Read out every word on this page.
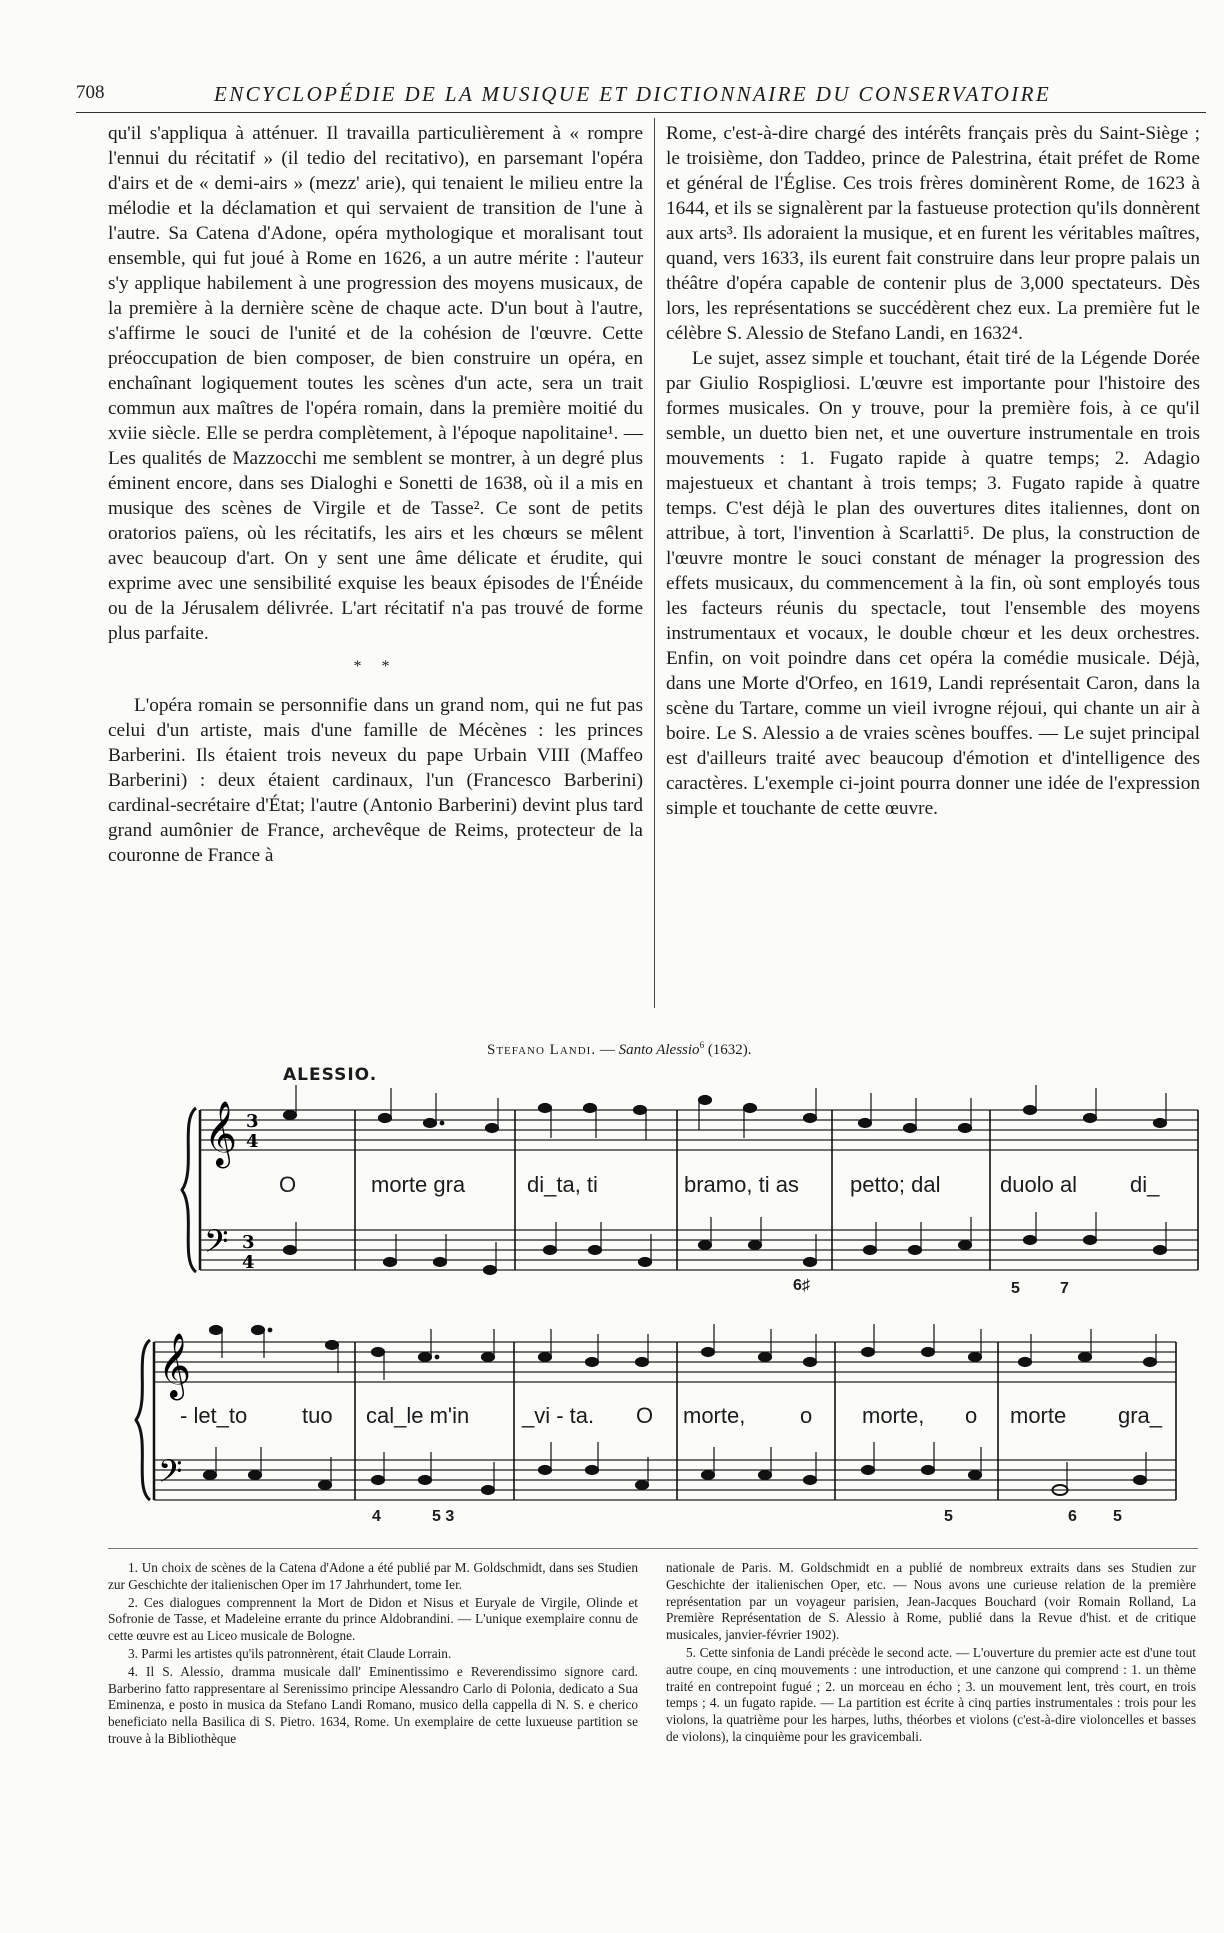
708	ENCYCLOPÉDIE DE LA MUSIQUE ET DICTIONNAIRE DU CONSERVATOIRE

qu'il s'appliqua à atténuer. Il travailla particulièrement à « rompre l'ennui du récitatif » (il tedio del recitativo), en parsemant l'opéra d'airs et de « demi-airs » (mezz' arie), qui tenaient le milieu entre la mélodie et la déclamation et qui servaient de transition de l'une à l'autre. Sa Catena d'Adone, opéra mythologique et moralisant tout ensemble, qui fut joué à Rome en 1626, a un autre mérite : l'auteur s'y applique habilement à une progression des moyens musicaux, de la première à la dernière scène de chaque acte. D'un bout à l'autre, s'affirme le souci de l'unité et de la cohésion de l'œuvre. Cette préoccupation de bien composer, de bien construire un opéra, en enchaînant logiquement toutes les scènes d'un acte, sera un trait commun aux maîtres de l'opéra romain, dans la première moitié du xviie siècle. Elle se perdra complètement, à l'époque napolitaine¹. — Les qualités de Mazzocchi me semblent se montrer, à un degré plus éminent encore, dans ses Dialoghi e Sonetti de 1638, où il a mis en musique des scènes de Virgile et de Tasse². Ce sont de petits oratorios païens, où les récitatifs, les airs et les chœurs se mêlent avec beaucoup d'art. On y sent une âme délicate et érudite, qui exprime avec une sensibilité exquise les beaux épisodes de l'Énéide ou de la Jérusalem délivrée. L'art récitatif n'a pas trouvé de forme plus parfaite.

* *

L'opéra romain se personnifie dans un grand nom, qui ne fut pas celui d'un artiste, mais d'une famille de Mécènes : les princes Barberini. Ils étaient trois neveux du pape Urbain VIII (Maffeo Barberini) : deux étaient cardinaux, l'un (Francesco Barberini) cardinal-secrétaire d'État; l'autre (Antonio Barberini) devint plus tard grand aumônier de France, archevêque de Reims, protecteur de la couronne de France à

Rome, c'est-à-dire chargé des intérêts français près du Saint-Siège ; le troisième, don Taddeo, prince de Palestrina, était préfet de Rome et général de l'Église. Ces trois frères dominèrent Rome, de 1623 à 1644, et ils se signalèrent par la fastueuse protection qu'ils donnèrent aux arts³. Ils adoraient la musique, et en furent les véritables maîtres, quand, vers 1633, ils eurent fait construire dans leur propre palais un théâtre d'opéra capable de contenir plus de 3,000 spectateurs. Dès lors, les représentations se succédèrent chez eux. La première fut le célèbre S. Alessio de Stefano Landi, en 1632⁴.

Le sujet, assez simple et touchant, était tiré de la Légende Dorée par Giulio Rospigliosi. L'œuvre est importante pour l'histoire des formes musicales. On y trouve, pour la première fois, à ce qu'il semble, un duetto bien net, et une ouverture instrumentale en trois mouvements : 1. Fugato rapide à quatre temps; 2. Adagio majestueux et chantant à trois temps; 3. Fugato rapide à quatre temps. C'est déjà le plan des ouvertures dites italiennes, dont on attribue, à tort, l'invention à Scarlatti⁵. De plus, la construction de l'œuvre montre le souci constant de ménager la progression des effets musicaux, du commencement à la fin, où sont employés tous les facteurs réunis du spectacle, tout l'ensemble des moyens instrumentaux et vocaux, le double chœur et les deux orchestres. Enfin, on voit poindre dans cet opéra la comédie musicale. Déjà, dans une Morte d'Orfeo, en 1619, Landi représentait Caron, dans la scène du Tartare, comme un vieil ivrogne réjoui, qui chante un air à boire. Le S. Alessio a de vraies scènes bouffes. — Le sujet principal est d'ailleurs traité avec beaucoup d'émotion et d'intelligence des caractères. L'exemple ci-joint pourra donner une idée de l'expression simple et touchante de cette œuvre.

Stefano Landi. — Santo Alessio$^6$ (1632).
ALESSIO.
𝄞
𝄢
3
4
3
4
O	morte gra	di_ta, ti	bramo, ti as petto; dal	duolo al di_
6♯	5	7
𝄞
𝄢
- let_to tuo cal_le m'in _vi - ta. O morte, o morte, o morte gra_
4	5 3	5	6 5

1. Un choix de scènes de la Catena d'Adone a été publié par M. Goldschmidt, dans ses Studien zur Geschichte der italienischen Oper im 17 Jahrhundert, tome Ier.

2. Ces dialogues comprennent la Mort de Didon et Nisus et Euryale de Virgile, Olinde et Sofronie de Tasse, et Madeleine errante du prince Aldobrandini. — L'unique exemplaire connu de cette œuvre est au Liceo musicale de Bologne.

3. Parmi les artistes qu'ils patronnèrent, était Claude Lorrain.

4. Il S. Alessio, dramma musicale dall' Eminentissimo e Reverendissimo signore card. Barberino fatto rappresentare al Serenissimo principe Alessandro Carlo di Polonia, dedicato a Sua Eminenza, e posto in musica da Stefano Landi Romano, musico della cappella di N. S. e cherico beneficiato nella Basilica di S. Pietro. 1634, Rome. Un exemplaire de cette luxueuse partition se trouve à la Bibliothèque

nationale de Paris. M. Goldschmidt en a publié de nombreux extraits dans ses Studien zur Geschichte der italienischen Oper, etc. — Nous avons une curieuse relation de la première représentation par un voyageur parisien, Jean-Jacques Bouchard (voir Romain Rolland, La Première Représentation de S. Alessio à Rome, publié dans la Revue d'hist. et de critique musicales, janvier-février 1902).

5. Cette sinfonia de Landi précède le second acte. — L'ouverture du premier acte est d'une tout autre coupe, en cinq mouvements : une introduction, et une canzone qui comprend : 1. un thème traité en contrepoint fugué ; 2. un morceau en écho ; 3. un mouvement lent, très court, en trois temps ; 4. un fugato rapide. — La partition est écrite à cinq parties instrumentales : trois pour les violons, la quatrième pour les harpes, luths, théorbes et violons (c'est-à-dire violoncelles et basses de violons), la cinquième pour les gravicembali.
